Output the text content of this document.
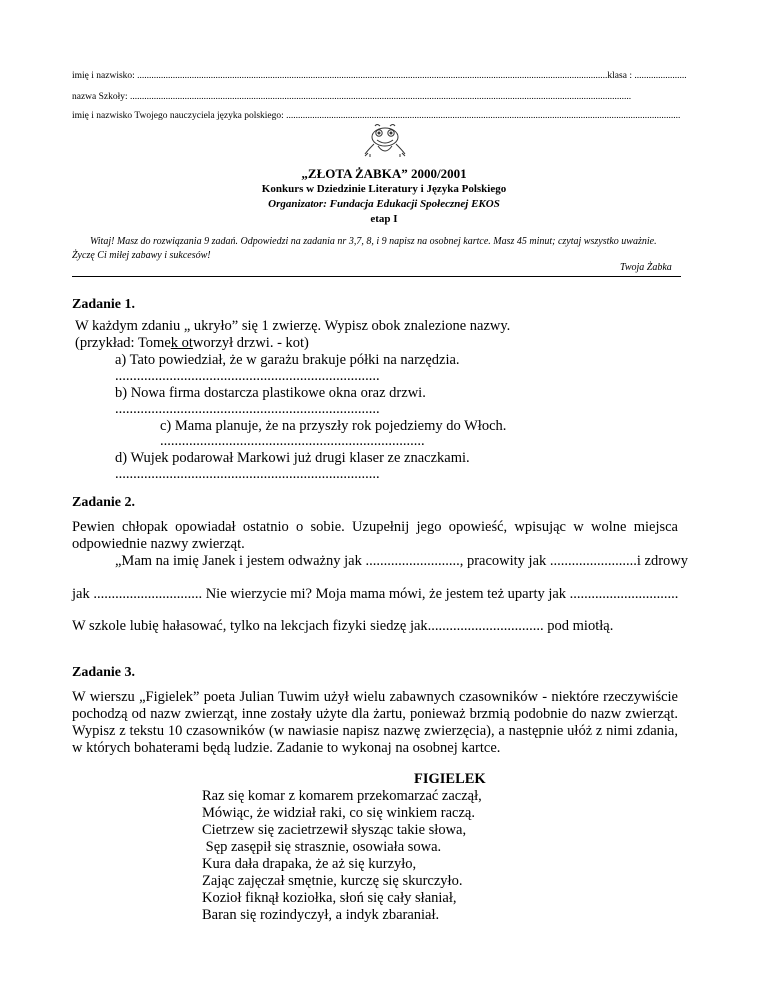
imię i nazwisko: ......................................................................................................................................................................................................klasa : ......................
nazwa Szkoły: ...................................................................................................................................................................................................................
imię i nazwisko Twojego nauczyciela języka polskiego: ......................................................................................................................................................................
„ZŁOTA ŻABKA” 2000/2001
Konkurs w Dziedzinie Literatury i Języka Polskiego
Organizator: Fundacja Edukacji Społecznej EKOS
etap I
Witaj! Masz do rozwiązania 9 zadań. Odpowiedzi na zadania nr 3,7, 8, i 9 napisz na osobnej kartce. Masz 45 minut; czytaj wszystko uważnie.
Życzę Ci miłej zabawy i sukcesów!
Twoja Żabka
Zadanie 1.
W każdym zdaniu „ ukryło” się 1 zwierzę. Wypisz obok znalezione nazwy.
(przykład: Tomek otworzył drzwi. - kot)
a) Tato powiedział, że w garażu brakuje półki na narzędzia.
.........................................................................
b) Nowa firma dostarcza plastikowe okna oraz drzwi.
.........................................................................
c) Mama planuje, że na przyszły rok pojedziemy do Włoch.
.........................................................................
d) Wujek podarował Markowi już drugi klaser ze znaczkami.
.........................................................................
Zadanie 2.
Pewien chłopak opowiadał ostatnio o sobie. Uzupełnij jego opowieść, wpisując w wolne miejsca
odpowiednie nazwy zwierząt.
„Mam na imię Janek i jestem odważny jak .........................., pracowity jak ........................i zdrowy
jak .............................. Nie wierzycie mi? Moja mama mówi, że jestem też uparty jak ..............................
W szkole lubię hałasować, tylko na lekcjach fizyki siedzę jak................................ pod miotłą.
Zadanie 3.
W wierszu „Figielek” poeta Julian Tuwim użył wielu zabawnych czasowników - niektóre rzeczywiście
pochodzą od nazw zwierząt, inne zostały użyte dla żartu, ponieważ brzmią podobnie do nazw zwierząt.
Wypisz z tekstu 10 czasowników (w nawiasie napisz nazwę zwierzęcia), a następnie ułóż z nimi zdania,
w których bohaterami będą ludzie. Zadanie to wykonaj na osobnej kartce.
FIGIELEK
Raz się komar z komarem przekomarzać zaczął,
Mówiąc, że widział raki, co się winkiem raczą.
Cietrzew się zacietrzewił słysząc takie słowa,
Sęp zasępił się strasznie, osowiała sowa.
Kura dała drapaka, że aż się kurzyło,
Zając zajęczał smętnie, kurczę się skurczyło.
Kozioł fiknął koziołka, słoń się cały słaniał,
Baran się rozindyczył, a indyk zbaraniał.
